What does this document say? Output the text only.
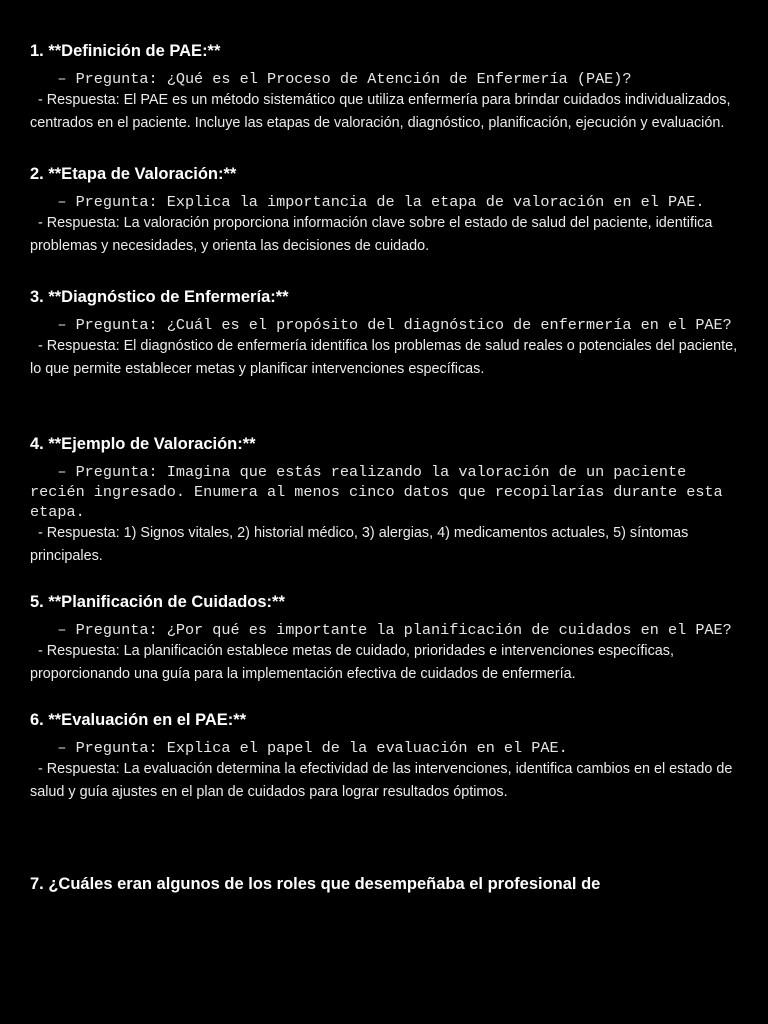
1. **Definición de PAE:**

– Pregunta: ¿Qué es el Proceso de Atención de Enfermería (PAE)?

- Respuesta: El PAE es un método sistemático que utiliza enfermería para brindar cuidados individualizados, centrados en el paciente. Incluye las etapas de valoración, diagnóstico, planificación, ejecución y evaluación.

2. **Etapa de Valoración:**

– Pregunta: Explica la importancia de la etapa de valoración en el PAE.

- Respuesta: La valoración proporciona información clave sobre el estado de salud del paciente, identifica problemas y necesidades, y orienta las decisiones de cuidado.

3. **Diagnóstico de Enfermería:**

– Pregunta: ¿Cuál es el propósito del diagnóstico de enfermería en el PAE?

- Respuesta: El diagnóstico de enfermería identifica los problemas de salud reales o potenciales del paciente, lo que permite establecer metas y planificar intervenciones específicas.

4. **Ejemplo de Valoración:**

– Pregunta: Imagina que estás realizando la valoración de un paciente recién ingresado. Enumera al menos cinco datos que recopilarías durante esta etapa.

- Respuesta: 1) Signos vitales, 2) historial médico, 3) alergias, 4) medicamentos actuales, 5) síntomas principales.

5. **Planificación de Cuidados:**

– Pregunta: ¿Por qué es importante la planificación de cuidados en el PAE?

- Respuesta: La planificación establece metas de cuidado, prioridades e intervenciones específicas, proporcionando una guía para la implementación efectiva de cuidados de enfermería.

6. **Evaluación en el PAE:**

– Pregunta: Explica el papel de la evaluación en el PAE.

- Respuesta: La evaluación determina la efectividad de las intervenciones, identifica cambios en el estado de salud y guía ajustes en el plan de cuidados para lograr resultados óptimos.

7. ¿Cuáles eran algunos de los roles que desempeñaba el profesional de
